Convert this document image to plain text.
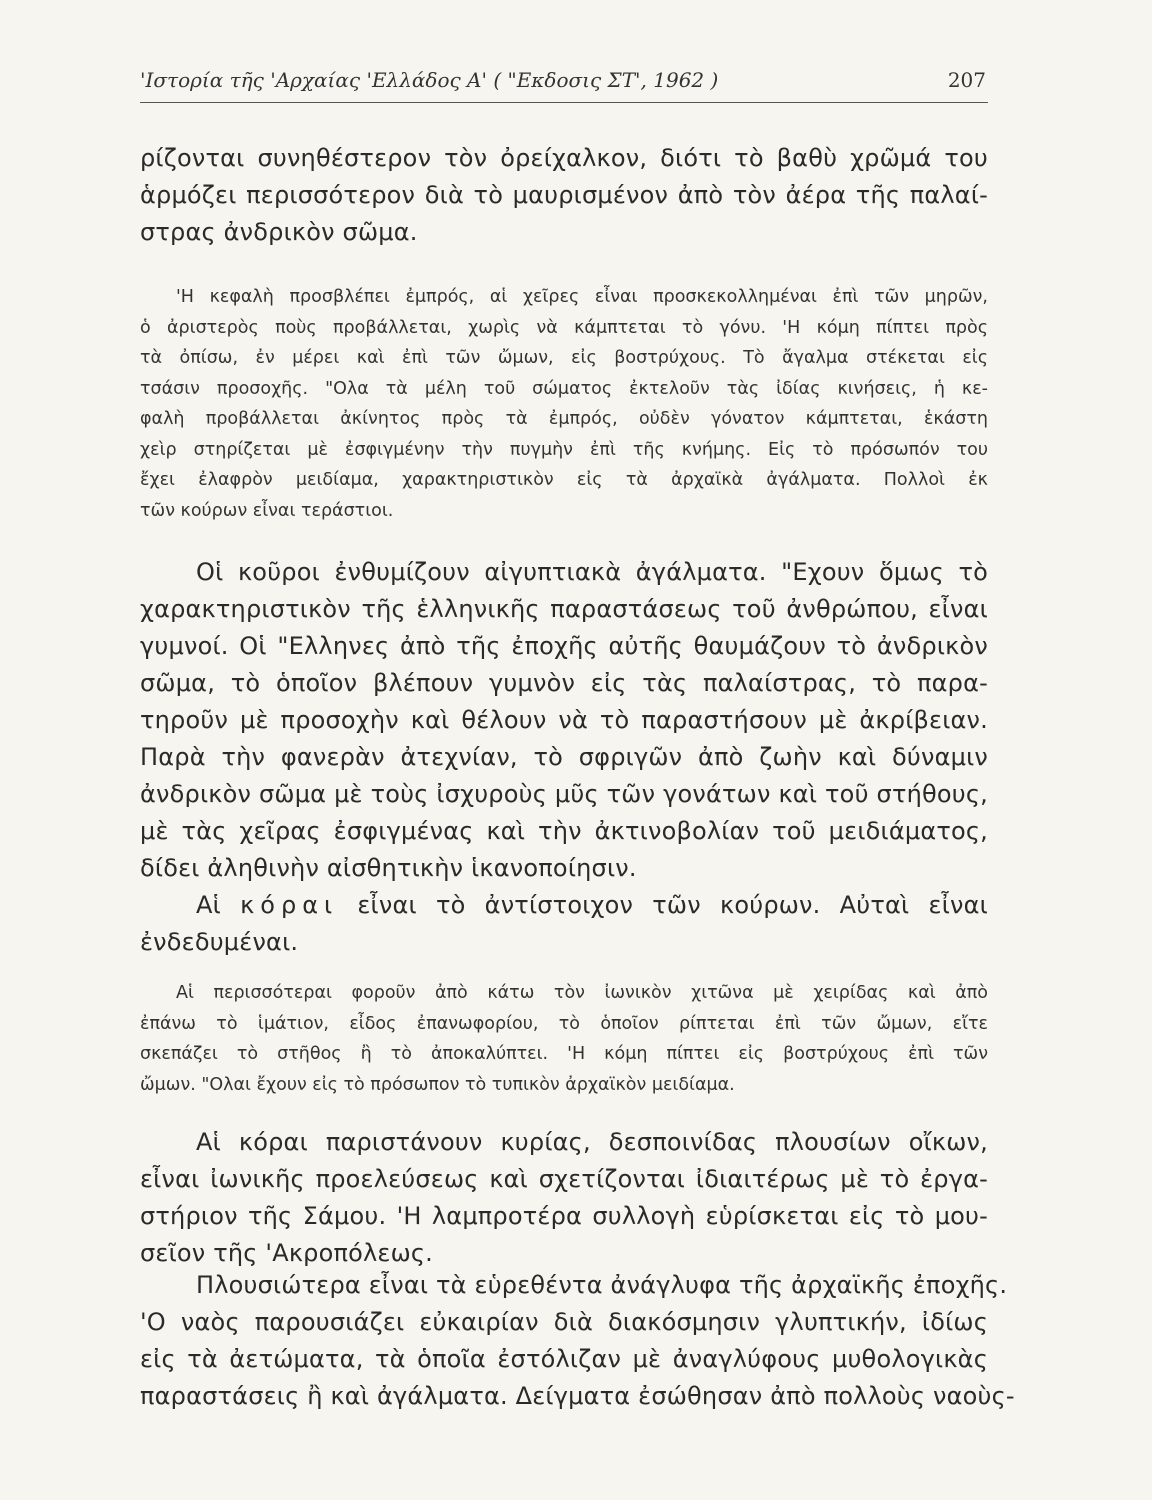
'Ιστορία τῆς 'Αρχαίας 'Ελλάδος Α' ( "Εκδοσις ΣΤ', 1962 )	207
ρίζονται συνηθέστερον τὸν ὀρείχαλκον, διότι τὸ βαθὺ χρῶμά του
ἁρμόζει περισσότερον διὰ τὸ μαυρισμένον ἀπὸ τὸν ἀέρα τῆς παλαί-
στρας ἀνδρικὸν σῶμα.
'Η κεφαλὴ προσβλέπει ἐμπρός, αἱ χεῖρες εἶναι προσκεκολλημέναι ἐπὶ τῶν μηρῶν,
ὁ ἀριστερὸς ποὺς προβάλλεται, χωρὶς νὰ κάμπτεται τὸ γόνυ. 'Η κόμη πίπτει πρὸς
τὰ ὀπίσω, ἐν μέρει καὶ ἐπὶ τῶν ὤμων, εἰς βοστρύχους. Τὸ ἄγαλμα στέκεται εἰς
τσάσιν προσοχῆς. "Ολα τὰ μέλη τοῦ σώματος ἐκτελοῦν τὰς ἰδίας κινήσεις, ἡ κε-
φαλὴ προβάλλεται ἀκίνητος πρὸς τὰ ἐμπρός, οὐδὲν γόνατον κάμπτεται, ἑκάστη
χεὶρ στηρίζεται μὲ ἐσφιγμένην τὴν πυγμὴν ἐπὶ τῆς κνήμης. Εἰς τὸ πρόσωπόν του
ἔχει ἐλαφρὸν μειδίαμα, χαρακτηριστικὸν εἰς τὰ ἀρχαϊκὰ ἀγάλματα. Πολλοὶ ἐκ
τῶν κούρων εἶναι τεράστιοι.
Οἱ κοῦροι ἐνθυμίζουν αἰγυπτιακὰ ἀγάλματα. "Εχουν ὅμως τὸ
χαρακτηριστικὸν τῆς ἑλληνικῆς παραστάσεως τοῦ ἀνθρώπου, εἶναι
γυμνοί. Οἱ "Ελληνες ἀπὸ τῆς ἐποχῆς αὐτῆς θαυμάζουν τὸ ἀνδρικὸν
σῶμα, τὸ ὁποῖον βλέπουν γυμνὸν εἰς τὰς παλαίστρας, τὸ παρα-
τηροῦν μὲ προσοχὴν καὶ θέλουν νὰ τὸ παραστήσουν μὲ ἀκρίβειαν.
Παρὰ τὴν φανερὰν ἀτεχνίαν, τὸ σφριγῶν ἀπὸ ζωὴν καὶ δύναμιν
ἀνδρικὸν σῶμα μὲ τοὺς ἰσχυροὺς μῦς τῶν γονάτων καὶ τοῦ στήθους,
μὲ τὰς χεῖρας ἐσφιγμένας καὶ τὴν ἀκτινοβολίαν τοῦ μειδιάματος,
δίδει ἀληθινὴν αἰσθητικὴν ἱκανοποίησιν.
Αἱ κόραι εἶναι τὸ ἀντίστοιχον τῶν κούρων. Αὐταὶ εἶναι
ἐνδεδυμέναι.
Αἱ περισσότεραι φοροῦν ἀπὸ κάτω τὸν ἰωνικὸν χιτῶνα μὲ χειρίδας καὶ ἀπὸ
ἐπάνω τὸ ἱμάτιον, εἶδος ἐπανωφορίου, τὸ ὁποῖον ρίπτεται ἐπὶ τῶν ὤμων, εἴτε
σκεπάζει τὸ στῆθος ἢ τὸ ἀποκαλύπτει. 'Η κόμη πίπτει εἰς βοστρύχους ἐπὶ τῶν
ὤμων. "Ολαι ἔχουν εἰς τὸ πρόσωπον τὸ τυπικὸν ἀρχαϊκὸν μειδίαμα.
Αἱ κόραι παριστάνουν κυρίας, δεσποινίδας πλουσίων οἴκων,
εἶναι ἰωνικῆς προελεύσεως καὶ σχετίζονται ἰδιαιτέρως μὲ τὸ ἐργα-
στήριον τῆς Σάμου. 'Η λαμπροτέρα συλλογὴ εὑρίσκεται εἰς τὸ μου-
σεῖον τῆς 'Ακροπόλεως.
Πλουσιώτερα εἶναι τὰ εὑρεθέντα ἀνάγλυφα τῆς ἀρχαϊκῆς ἐποχῆς.
'Ο ναὸς παρουσιάζει εὐκαιρίαν διὰ διακόσμησιν γλυπτικήν, ἰδίως
εἰς τὰ ἀετώματα, τὰ ὁποῖα ἐστόλιζαν μὲ ἀναγλύφους μυθολογικὰς
παραστάσεις ἢ καὶ ἀγάλματα. Δείγματα ἐσώθησαν ἀπὸ πολλοὺς ναοὺς-
